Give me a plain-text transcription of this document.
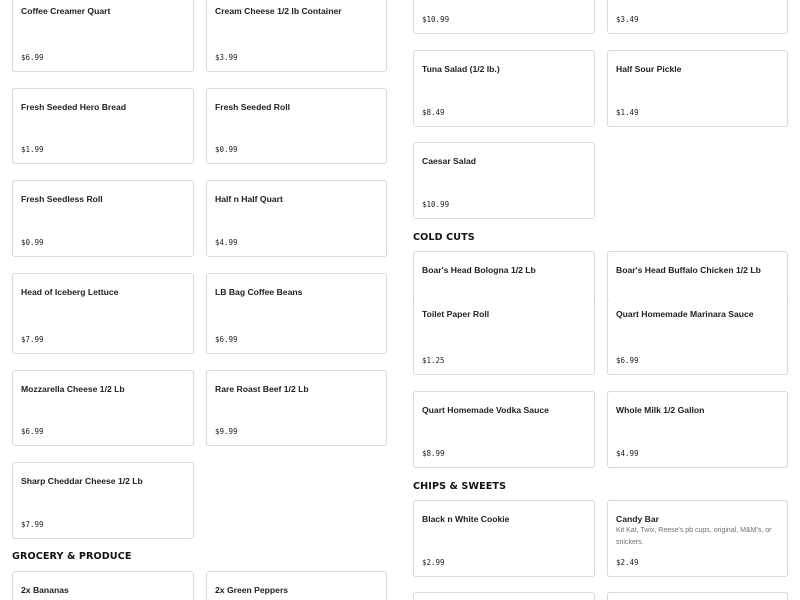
Coffee Creamer Quart
$6.99
Cream Cheese 1/2 lb Container
$3.99
Fresh Seeded Hero Bread
$1.99
Fresh Seeded Roll
$0.99
Fresh Seedless Roll
$0.99
Half n Half Quart
$4.99
Head of Iceberg Lettuce
$7.99
LB Bag Coffee Beans
$6.99
Mozzarella Cheese 1/2 Lb
$6.99
Rare Roast Beef 1/2 Lb
$9.99
Sharp Cheddar Cheese 1/2 Lb
$7.99
GROCERY & PRODUCE
2x Bananas	2x Green Peppers
$10.99	$3.49
Tuna Salad (1/2 lb.)
$8.49
Half Sour Pickle
$1.49
Caesar Salad
$10.99
COLD CUTS
Boar's Head Bologna 1/2 Lb	Boar's Head Buffalo Chicken 1/2 Lb
Toilet Paper Roll
$1.25
Quart Homemade Marinara Sauce
$6.99
Quart Homemade Vodka Sauce
$8.99
Whole Milk 1/2 Gallon
$4.99
CHIPS & SWEETS
Black n White Cookie
$2.99
Candy Bar
Kit Kat, Twix, Reese's pb cups, original, M&M's, or snickers.
$2.49
